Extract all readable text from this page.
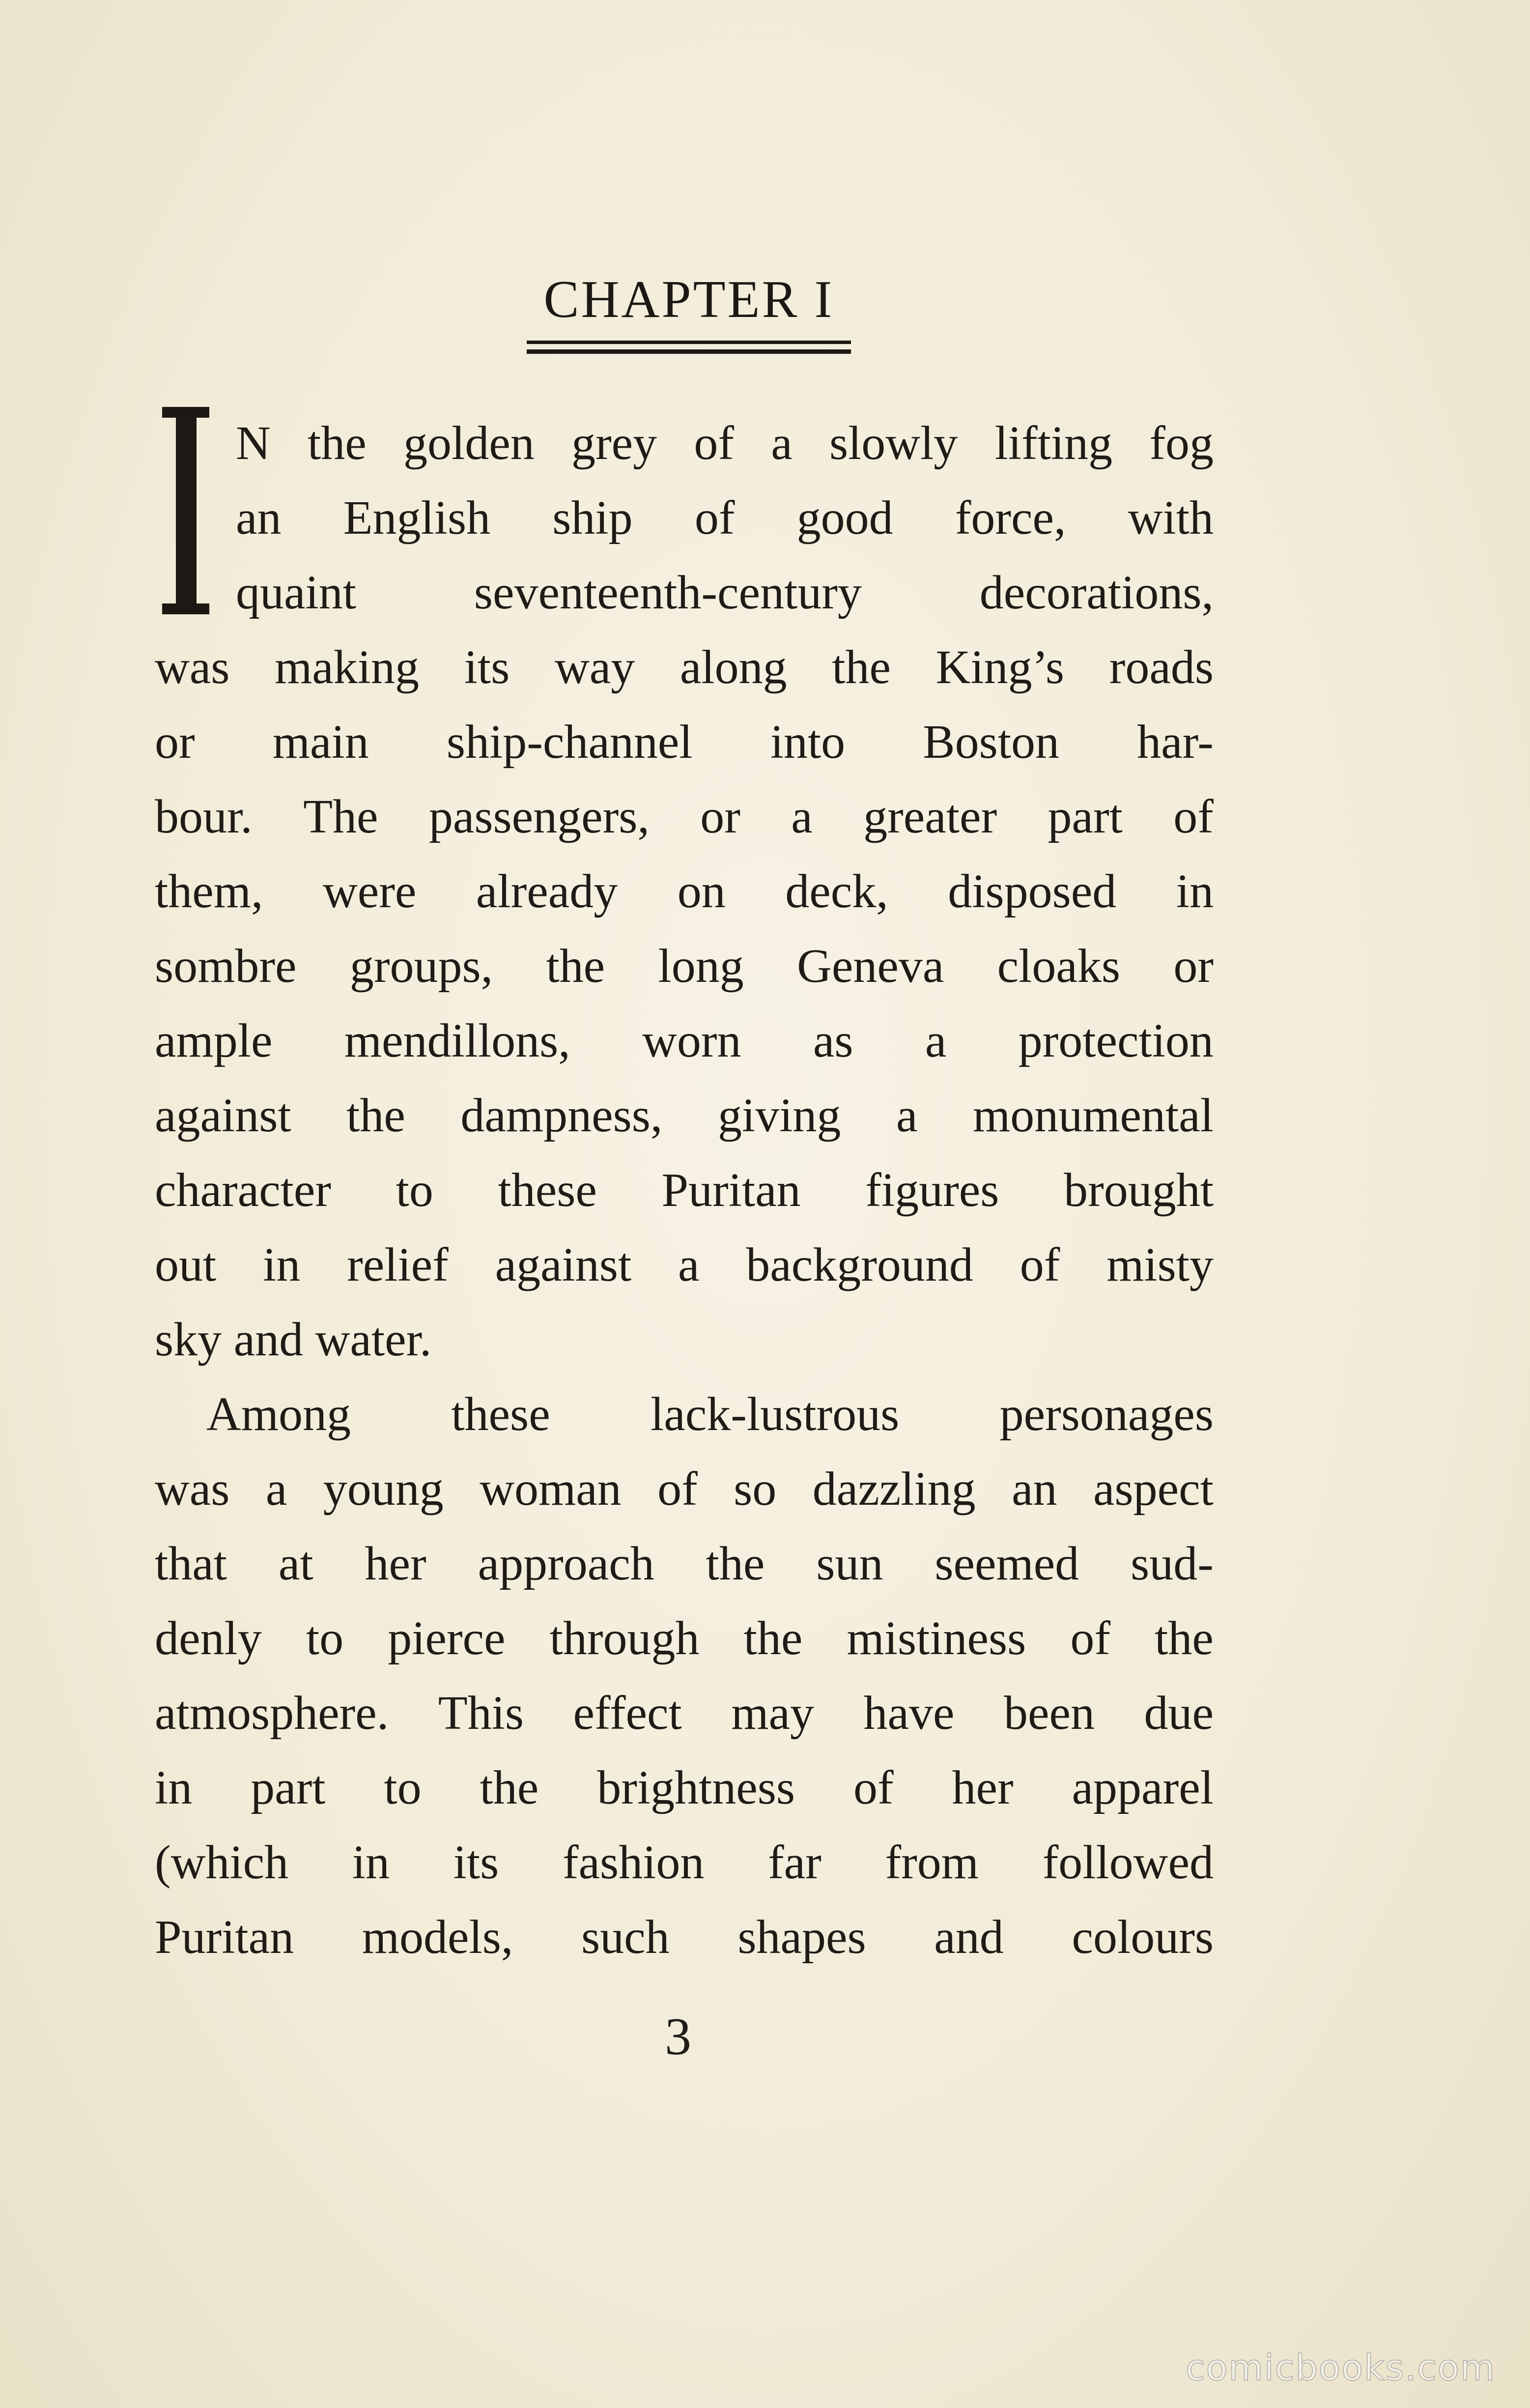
CHAPTER I
N the golden grey of a slowly lifting fog
an English ship of good force, with
quaint seventeenth-century decorations,
was making its way along the King’s roads
or main ship-channel into Boston har-
bour. The passengers, or a greater part of
them, were already on deck, disposed in
sombre groups, the long Geneva cloaks or
ample mendillons, worn as a protection
against the dampness, giving a monumental
character to these Puritan figures brought
out in relief against a background of misty
sky and water.
Among these lack-lustrous personages
was a young woman of so dazzling an aspect
that at her approach the sun seemed sud-
denly to pierce through the mistiness of the
atmosphere. This effect may have been due
in part to the brightness of her apparel
(which in its fashion far from followed
Puritan models, such shapes and colours
3
comicbooks.com
